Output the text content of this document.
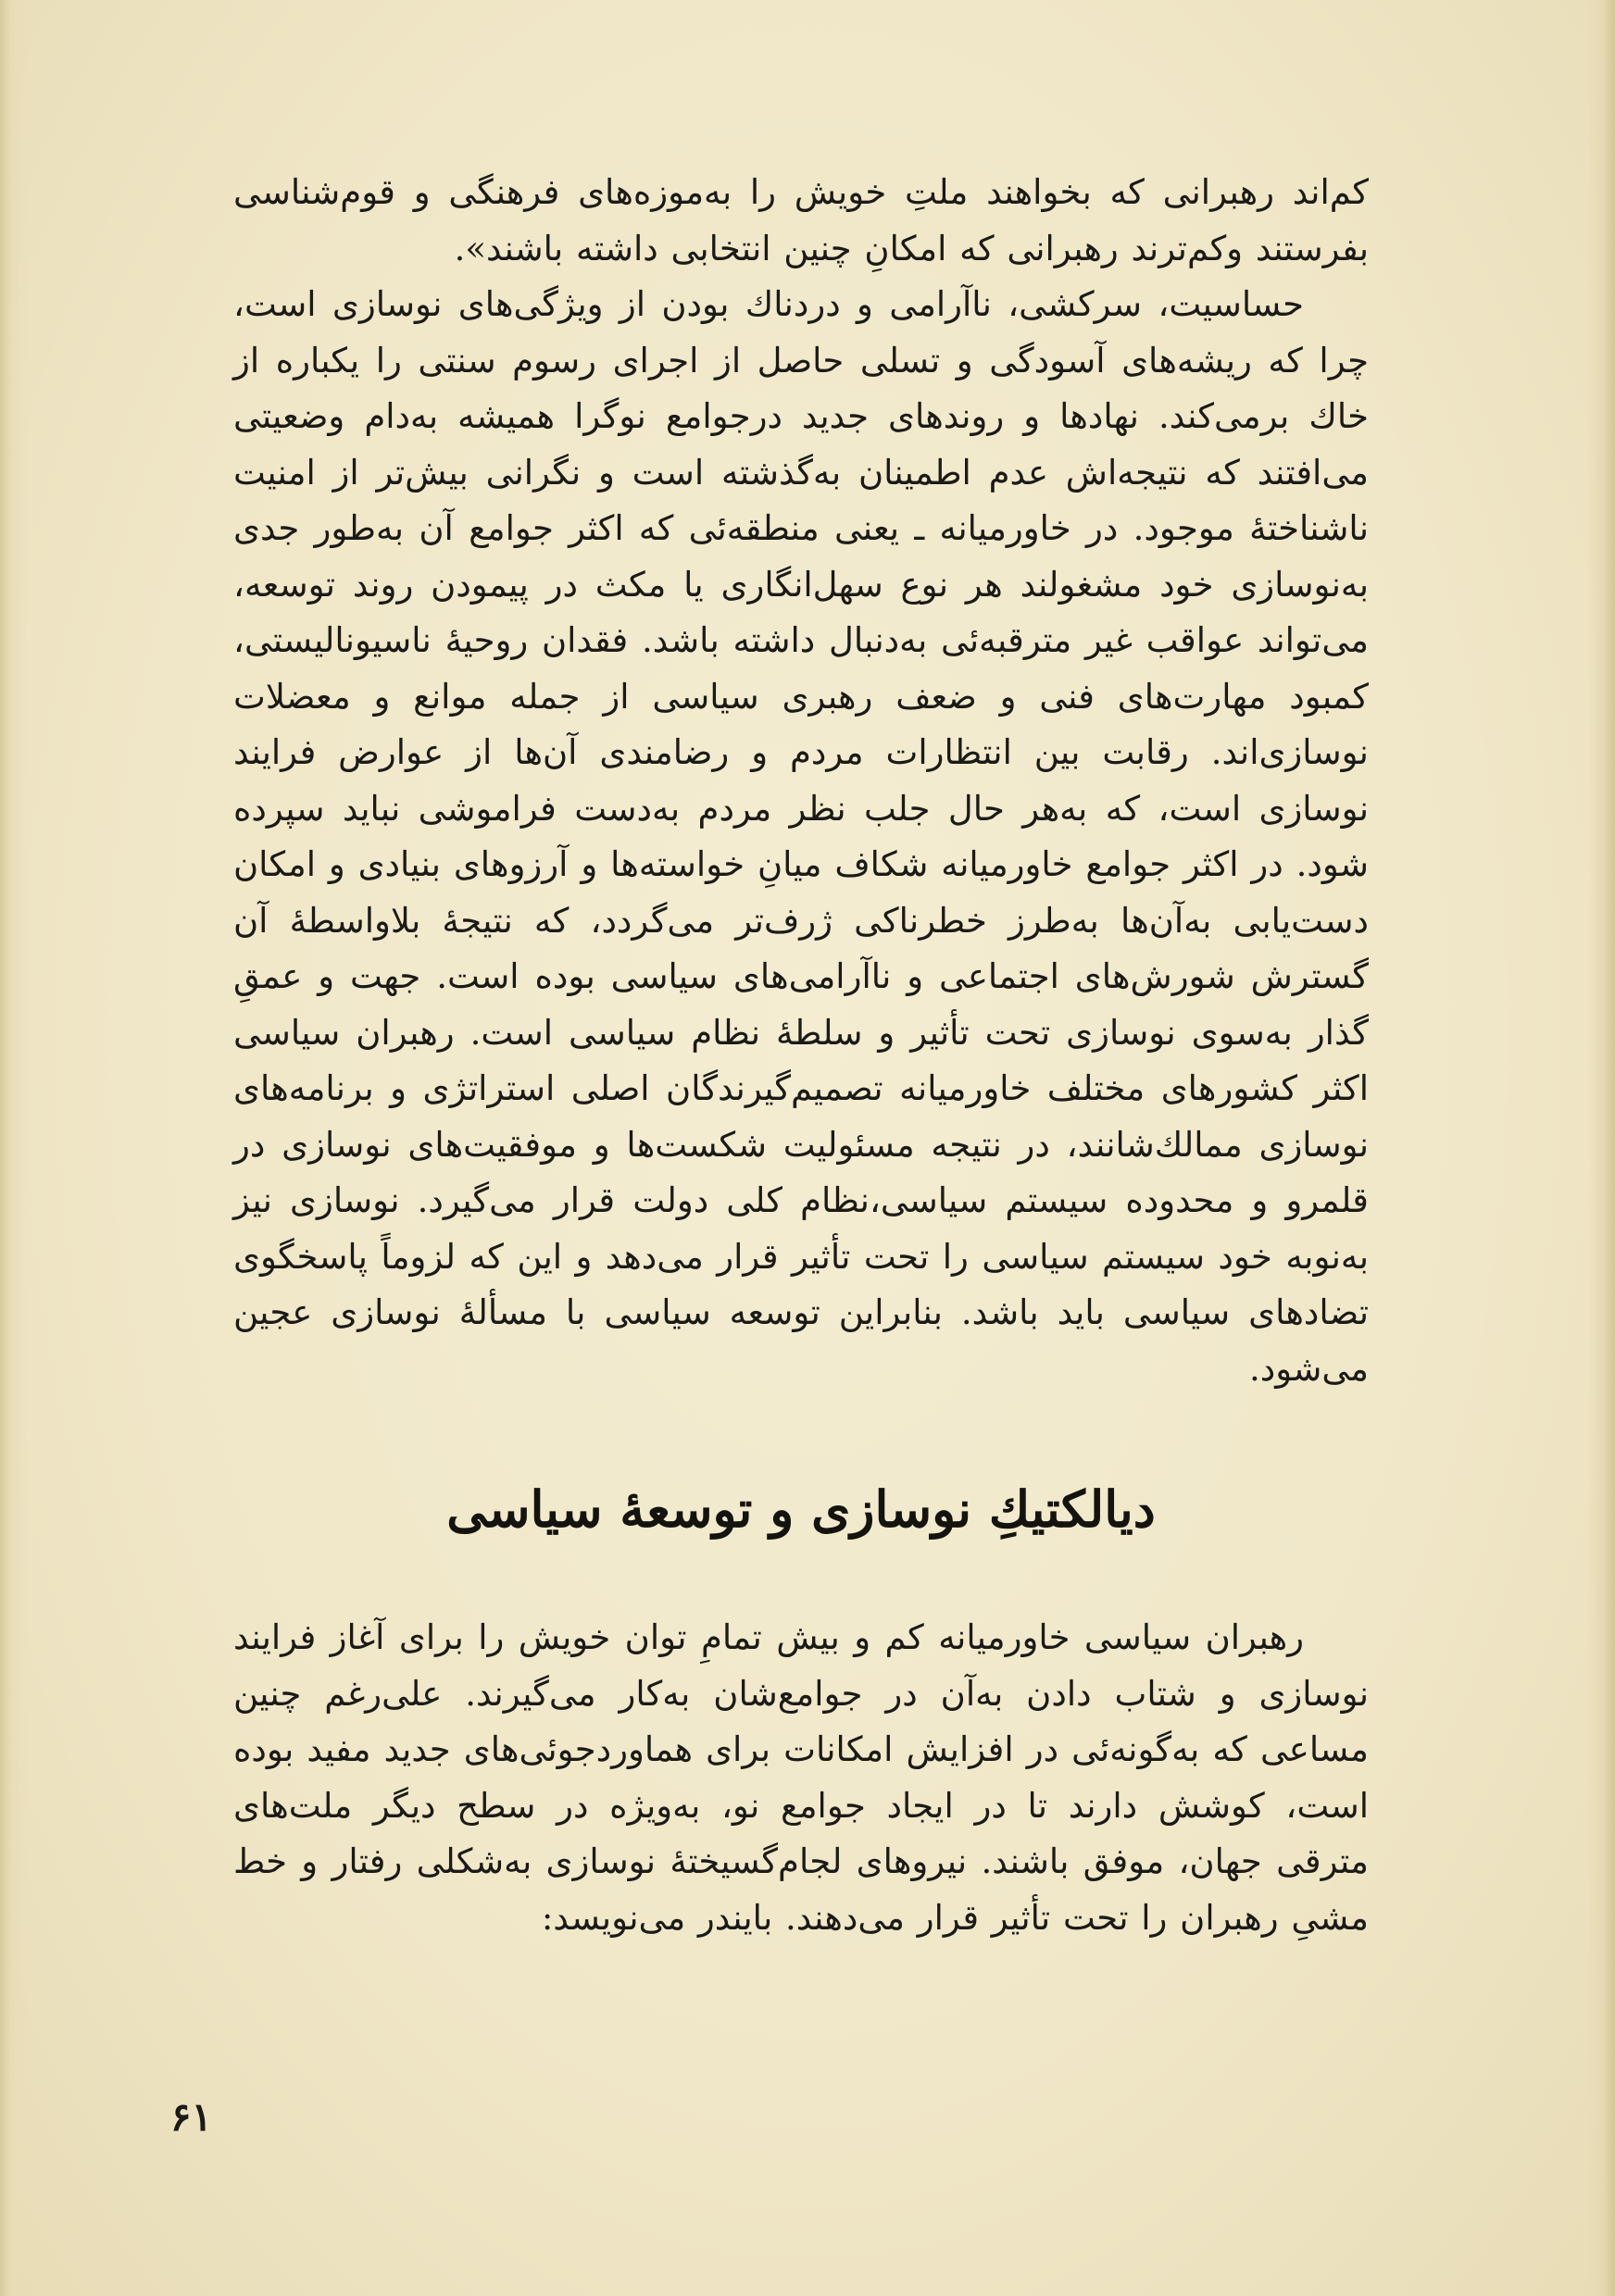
کم‌اند رهبرانی که بخواهند ملتِ خویش را به‌موزه‌های فرهنگی و قوم‌شناسی بفرستند وکم‌ترند رهبرانی که امکانِ چنین انتخابی داشته باشند».

حساسیت، سرکشی، ناآرامی و دردناك بودن از ویژگی‌های نوسازی است، چرا که ریشه‌های آسودگی و تسلی حاصل از اجرای رسوم سنتی را یکباره از خاك برمی‌کند. نهادها و روندهای جدید درجوامع نوگرا همیشه به‌دام وضعیتی می‌افتند که نتیجه‌اش عدم اطمینان به‌گذشته است و نگرانی بیش‌تر از امنیت ناشناختهٔ موجود. در خاورمیانه ـ یعنی منطقه‌ئی که اکثر جوامع آن به‌طور جدی به‌نوسازی خود مشغولند هر نوع سهل‌انگاری یا مکث در پیمودن روند توسعه، می‌تواند عواقب غیر مترقبه‌ئی به‌دنبال داشته باشد. فقدان روحیهٔ ناسیونالیستی، کمبود مهارت‌های فنی و ضعف رهبری سیاسی از جمله موانع و معضلات نوسازی‌اند. رقابت بین انتظارات مردم و رضامندی آن‌ها از عوارض فرایند نوسازی است، که به‌هر حال جلب نظر مردم به‌دست فراموشی نباید سپرده شود. در اکثر جوامع خاورمیانه شکاف میانِ خواسته‌ها و آرزوهای بنیادی و امکان دست‌یابی به‌آن‌ها به‌طرز خطرناکی ژرف‌تر می‌گردد، که نتیجهٔ بلاواسطهٔ آن گسترش شورش‌های اجتماعی و ناآرامی‌های سیاسی بوده است. جهت و عمقِ گذار به‌سوی نوسازی تحت تأثیر و سلطهٔ نظام سیاسی است. رهبران سیاسی اکثر کشورهای مختلف خاورمیانه تصمیم‌گیرندگان اصلی استراتژی و برنامه‌های نوسازی ممالك‌شانند، در نتیجه مسئولیت شکست‌ها و موفقیت‌های نوسازی در قلمرو و محدوده سیستم سیاسی،نظام کلی دولت قرار می‌گیرد. نوسازی نیز به‌نوبه خود سیستم سیاسی را تحت تأثیر قرار می‌دهد و این که لزوماً پاسخگوی تضادهای سیاسی باید باشد. بنابراین توسعه سیاسی با مسألهٔ نوسازی عجین می‌شود.

دیالکتیكِ نوسازی و توسعهٔ سیاسی

رهبران سیاسی خاورمیانه کم و بیش تمامِ توان خویش را برای آغاز فرایند نوسازی و شتاب دادن به‌آن در جوامع‌شان به‌کار می‌گیرند. علی‌رغم چنین مساعی که به‌گونه‌ئی در افزایش امکانات برای هماوردجوئی‌های جدید مفید بوده است، کوشش دارند تا در ایجاد جوامع نو، به‌ویژه در سطح دیگر ملت‌های مترقی جهان، موفق باشند. نیروهای لجام‌گسیختهٔ نوسازی به‌شکلی رفتار و خط مشیِ رهبران را تحت تأثیر قرار می‌دهند. بایندر می‌نویسد:

۶۱
